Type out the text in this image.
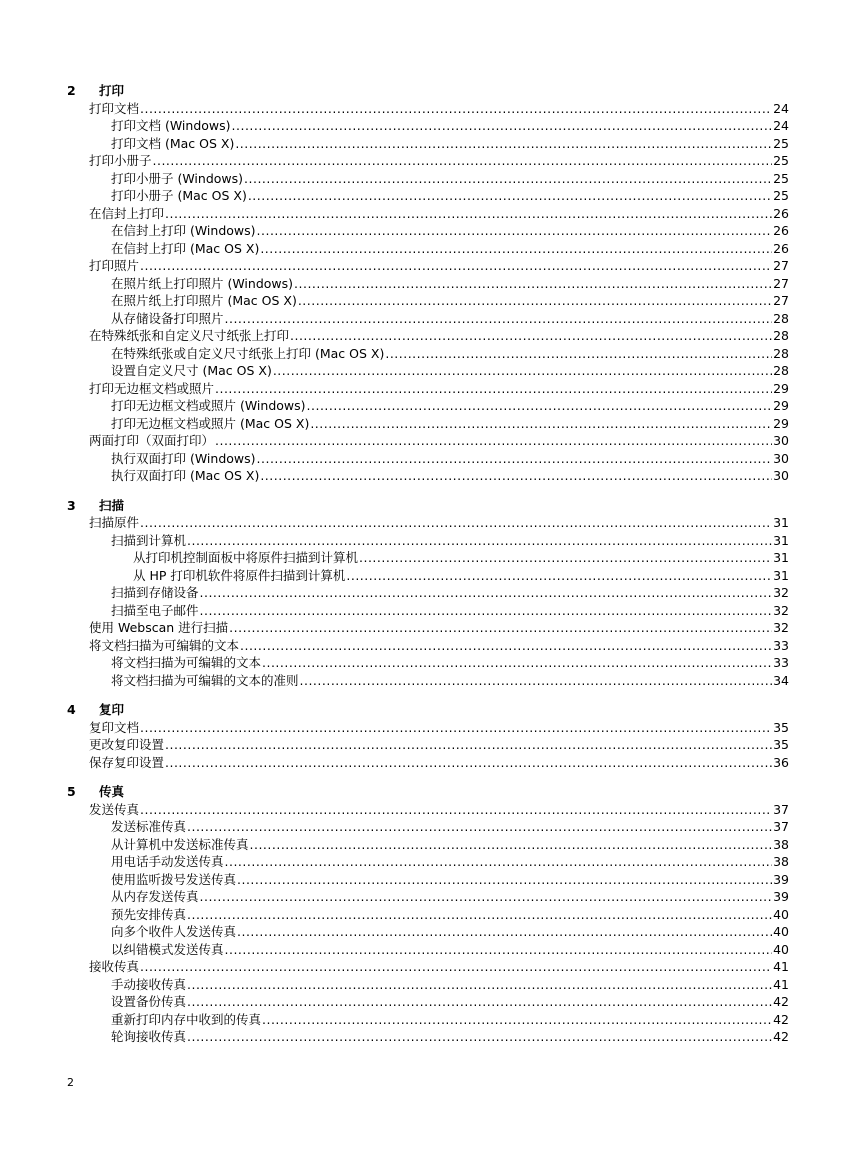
2	打印
打印文档 .....	24
打印文档 (Windows) .....	24
打印文档 (Mac OS X) .....	25
打印小册子 .....	25
打印小册子 (Windows) .....	25
打印小册子 (Mac OS X) .....	25
在信封上打印 .....	26
在信封上打印 (Windows) .....	26
在信封上打印 (Mac OS X) .....	26
打印照片 .....	27
在照片纸上打印照片 (Windows) .....	27
在照片纸上打印照片 (Mac OS X) .....	27
从存储设备打印照片 .....	28
在特殊纸张和自定义尺寸纸张上打印 .....	28
在特殊纸张或自定义尺寸纸张上打印 (Mac OS X) .....	28
设置自定义尺寸 (Mac OS X) .....	28
打印无边框文档或照片 .....	29
打印无边框文档或照片 (Windows) .....	29
打印无边框文档或照片 (Mac OS X) .....	29
两面打印（双面打印） .....	30
执行双面打印 (Windows) .....	30
执行双面打印 (Mac OS X) .....	30
3	扫描
扫描原件 .....	31
扫描到计算机 .....	31
从打印机控制面板中将原件扫描到计算机 .....	31
从 HP 打印机软件将原件扫描到计算机 .....	31
扫描到存储设备 .....	32
扫描至电子邮件 .....	32
使用 Webscan 进行扫描 .....	32
将文档扫描为可编辑的文本 .....	33
将文档扫描为可编辑的文本 .....	33
将文档扫描为可编辑的文本的准则 .....	34
4	复印
复印文档 .....	35
更改复印设置 .....	35
保存复印设置 .....	36
5	传真
发送传真 .....	37
发送标准传真 .....	37
从计算机中发送标准传真 .....	38
用电话手动发送传真 .....	38
使用监听拨号发送传真 .....	39
从内存发送传真 .....	39
预先安排传真 .....	40
向多个收件人发送传真 .....	40
以纠错模式发送传真 .....	40
接收传真 .....	41
手动接收传真 .....	41
设置备份传真 .....	42
重新打印内存中收到的传真 .....	42
轮询接收传真 .....	42
2
